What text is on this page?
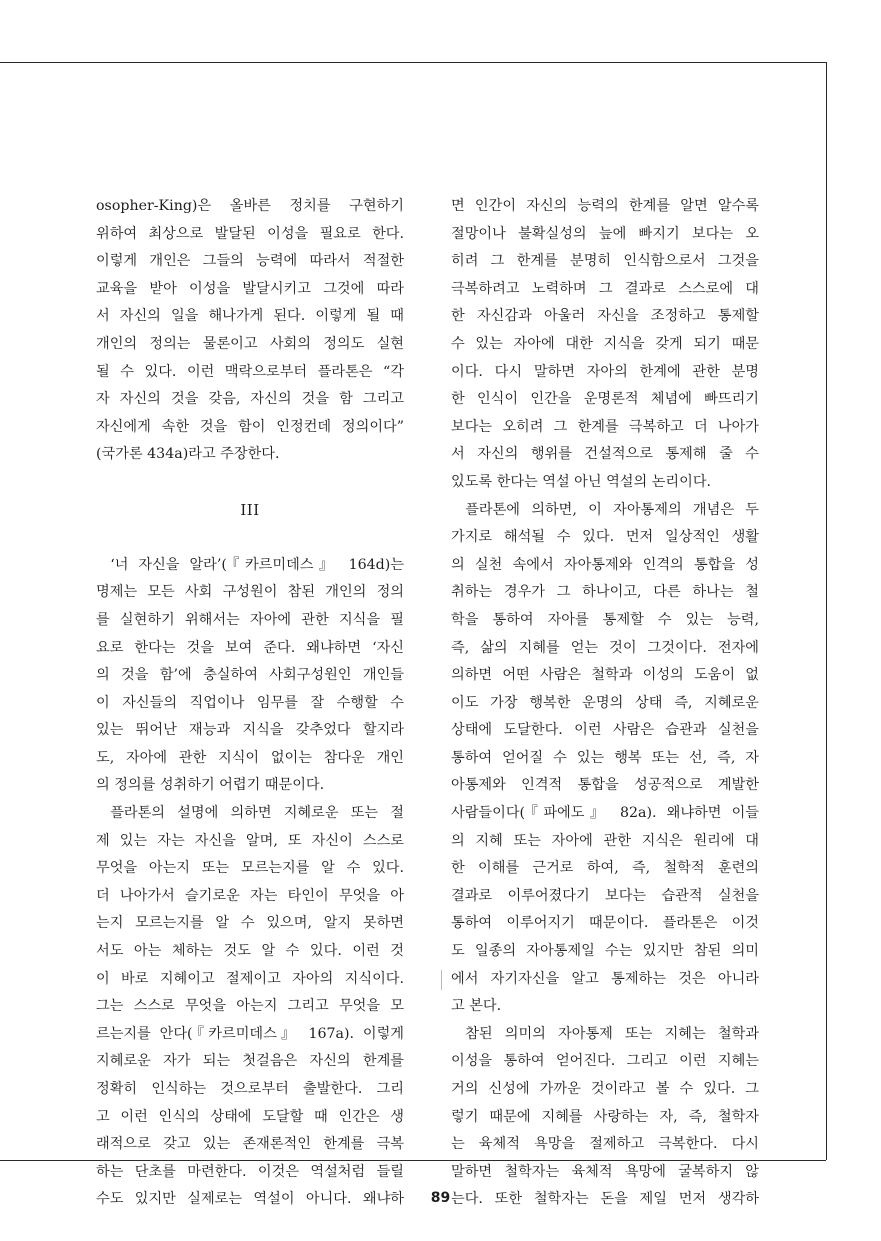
osopher-King)은 올바른 정치를 구현하기
위하여 최상으로 발달된 이성을 필요로 한다.
이렇게 개인은 그들의 능력에 따라서 적절한
교육을 받아 이성을 발달시키고 그것에 따라
서 자신의 일을 해나가게 된다. 이렇게 될 때
개인의 정의는 물론이고 사회의 정의도 실현
될 수 있다. 이런 맥락으로부터 플라톤은 “각
자 자신의 것을 갖음, 자신의 것을 함 그리고
자신에게 속한 것을 함이 인정컨데 정의이다”
(국가론 434a)라고 주장한다.
III
‘너 자신을 알라’(『카르미데스』 164d)는
명제는 모든 사회 구성원이 참된 개인의 정의
를 실현하기 위해서는 자아에 관한 지식을 필
요로 한다는 것을 보여 준다. 왜냐하면 ‘자신
의 것을 함’에 충실하여 사회구성원인 개인들
이 자신들의 직업이나 임무를 잘 수행할 수
있는 뛰어난 재능과 지식을 갖추었다 할지라
도, 자아에 관한 지식이 없이는 참다운 개인
의 정의를 성취하기 어렵기 때문이다.
플라톤의 설명에 의하면 지혜로운 또는 절
제 있는 자는 자신을 알며, 또 자신이 스스로
무엇을 아는지 또는 모르는지를 알 수 있다.
더 나아가서 슬기로운 자는 타인이 무엇을 아
는지 모르는지를 알 수 있으며, 알지 못하면
서도 아는 체하는 것도 알 수 있다. 이런 것
이 바로 지혜이고 절제이고 자아의 지식이다.
그는 스스로 무엇을 아는지 그리고 무엇을 모
르는지를 안다(『카르미데스』 167a). 이렇게
지혜로운 자가 되는 첫걸음은 자신의 한계를
정확히 인식하는 것으로부터 출발한다. 그리
고 이런 인식의 상태에 도달할 때 인간은 생
래적으로 갖고 있는 존재론적인 한계를 극복
하는 단초를 마련한다. 이것은 역설처럼 들릴
수도 있지만 실제로는 역설이 아니다. 왜냐하
면 인간이 자신의 능력의 한계를 알면 알수록
절망이나 불확실성의 늪에 빠지기 보다는 오
히려 그 한계를 분명히 인식함으로서 그것을
극복하려고 노력하며 그 결과로 스스로에 대
한 자신감과 아울러 자신을 조정하고 통제할
수 있는 자아에 대한 지식을 갖게 되기 때문
이다. 다시 말하면 자아의 한계에 관한 분명
한 인식이 인간을 운명론적 체념에 빠뜨리기
보다는 오히려 그 한계를 극복하고 더 나아가
서 자신의 행위를 건설적으로 통제해 줄 수
있도록 한다는 역설 아닌 역설의 논리이다.
플라톤에 의하면, 이 자아통제의 개념은 두
가지로 해석될 수 있다. 먼저 일상적인 생활
의 실천 속에서 자아통제와 인격의 통합을 성
취하는 경우가 그 하나이고, 다른 하나는 철
학을 통하여 자아를 통제할 수 있는 능력,
즉, 삶의 지혜를 얻는 것이 그것이다. 전자에
의하면 어떤 사람은 철학과 이성의 도움이 없
이도 가장 행복한 운명의 상태 즉, 지혜로운
상태에 도달한다. 이런 사람은 습관과 실천을
통하여 얻어질 수 있는 행복 또는 선, 즉, 자
아통제와 인격적 통합을 성공적으로 계발한
사람들이다(『파에도』 82a). 왜냐하면 이들
의 지혜 또는 자아에 관한 지식은 원리에 대
한 이해를 근거로 하여, 즉, 철학적 훈련의
결과로 이루어졌다기 보다는 습관적 실천을
통하여 이루어지기 때문이다. 플라톤은 이것
도 일종의 자아통제일 수는 있지만 참된 의미
에서 자기자신을 알고 통제하는 것은 아니라
고 본다.
참된 의미의 자아통제 또는 지혜는 철학과
이성을 통하여 얻어진다. 그리고 이런 지혜는
거의 신성에 가까운 것이라고 볼 수 있다. 그
렇기 때문에 지혜를 사랑하는 자, 즉, 철학자
는 육체적 욕망을 절제하고 극복한다. 다시
말하면 철학자는 육체적 욕망에 굴복하지 않
는다. 또한 철학자는 돈을 제일 먼저 생각하
89
